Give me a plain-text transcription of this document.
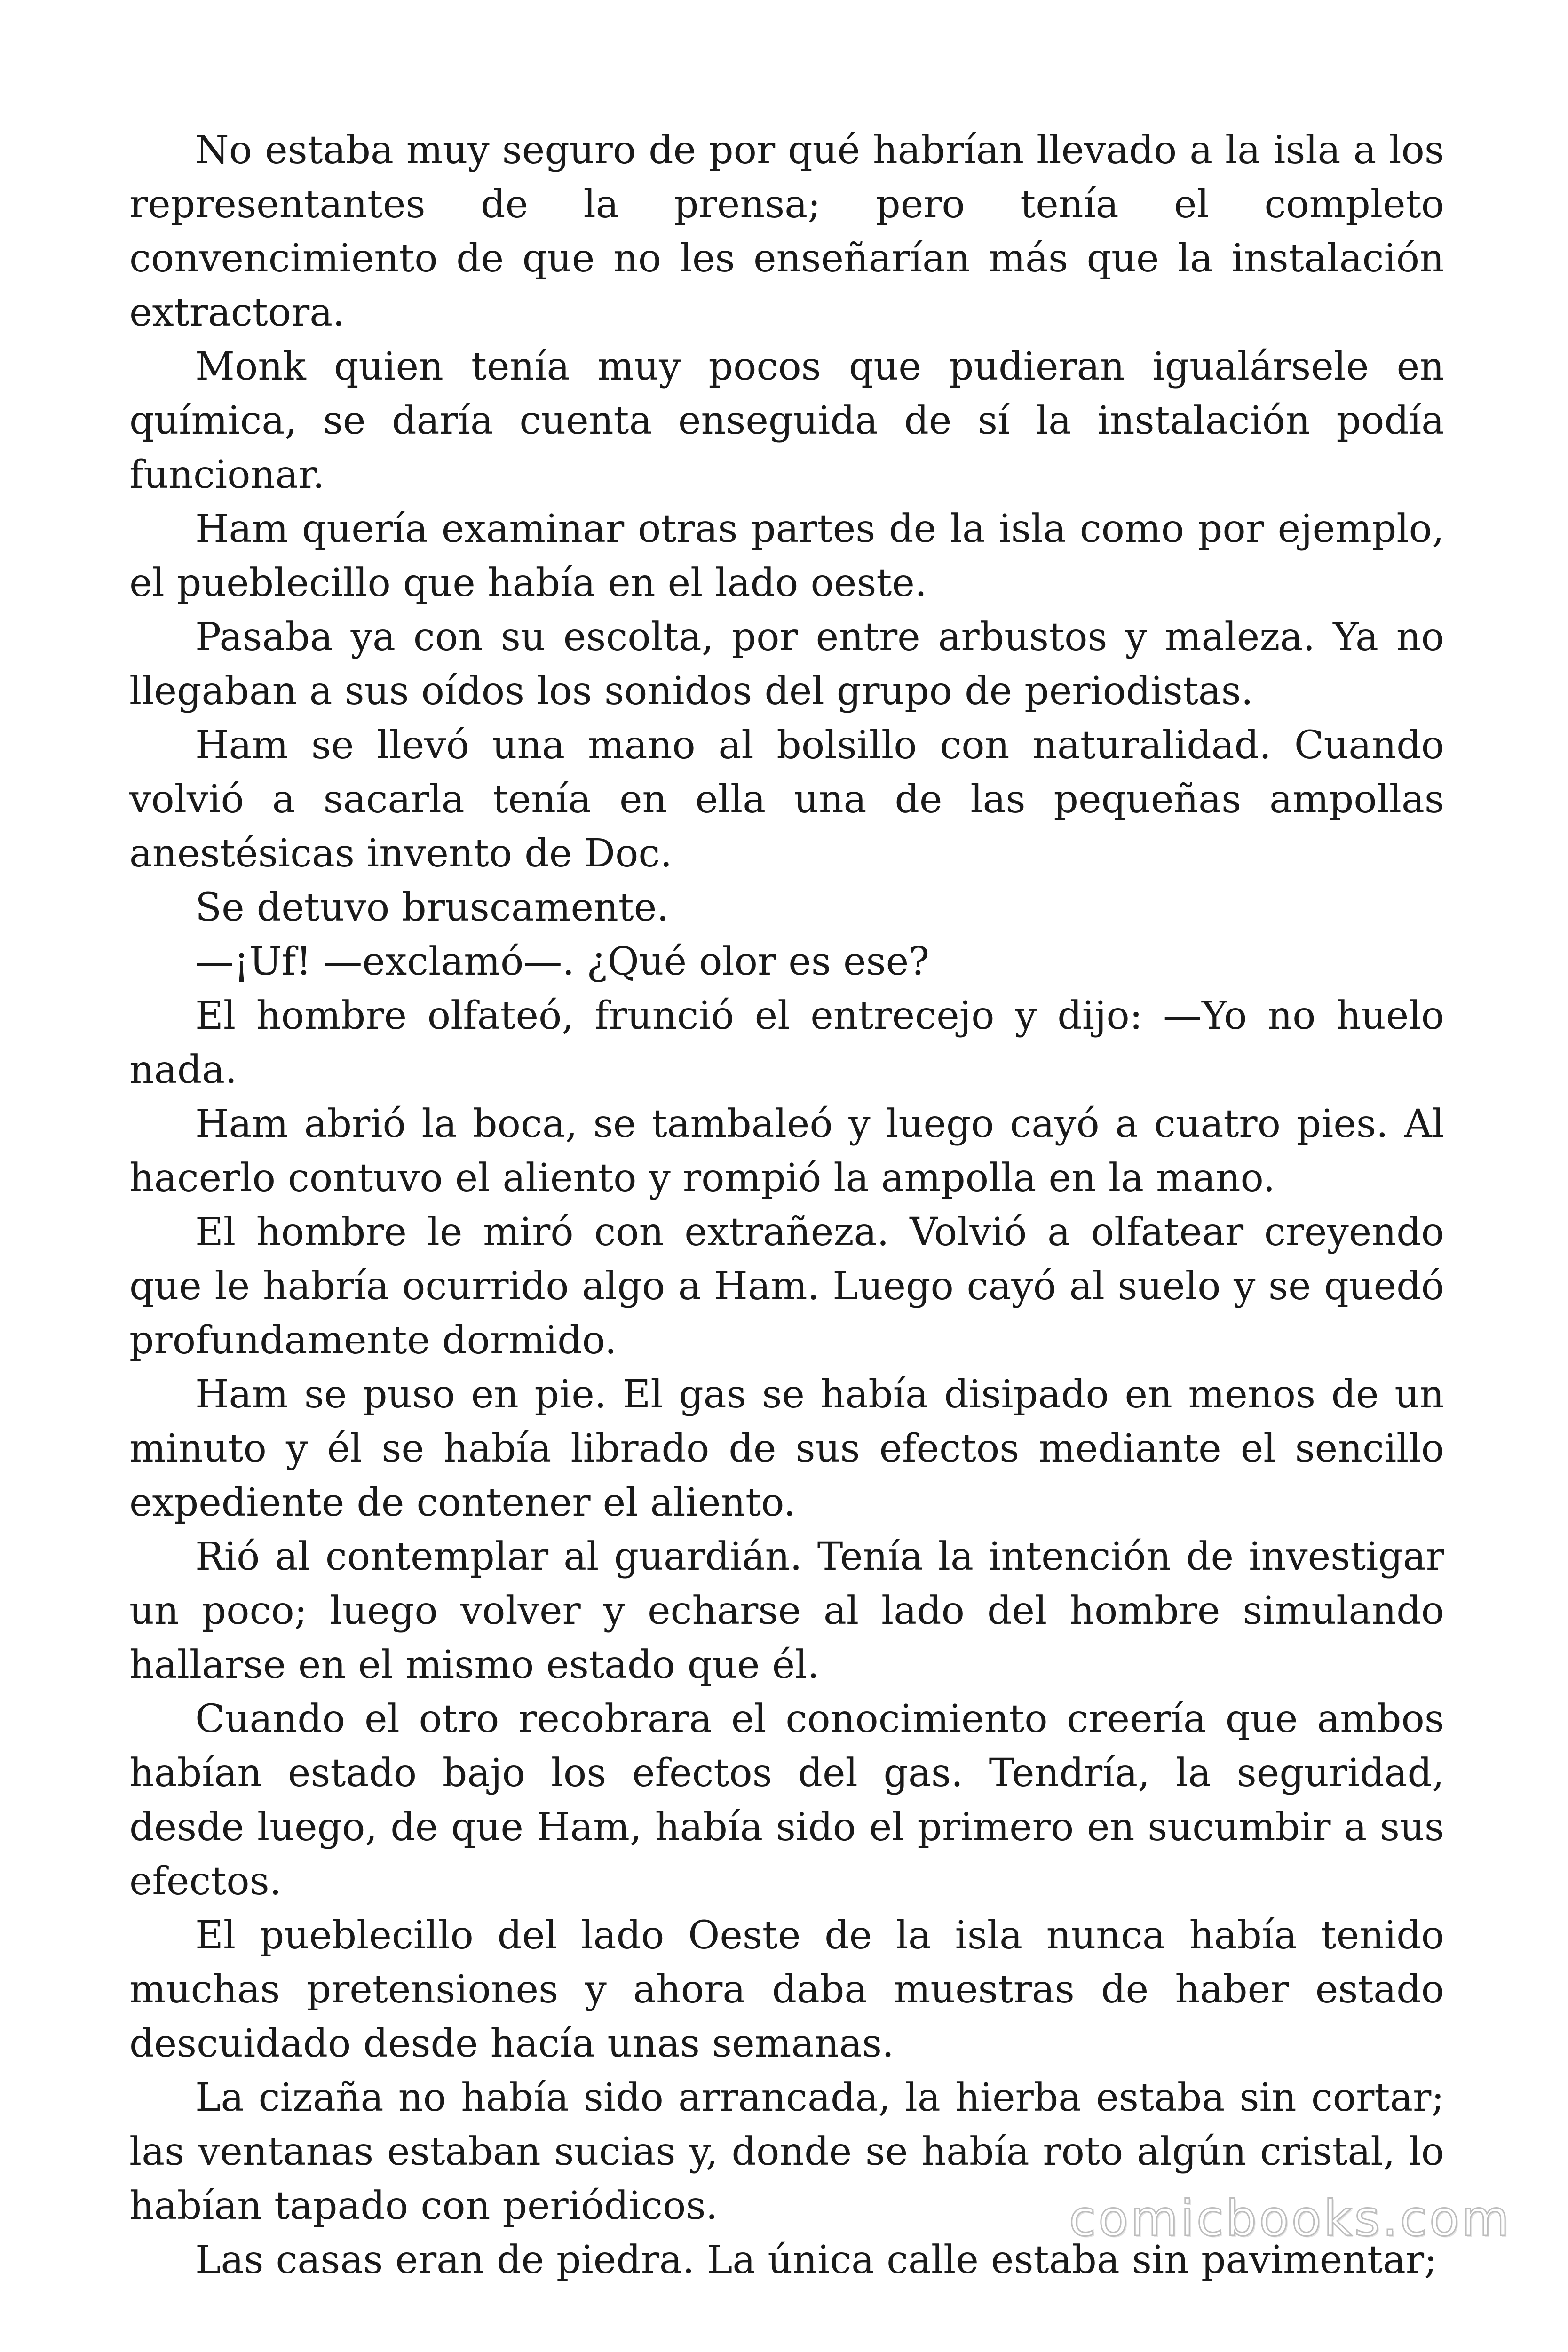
No estaba muy seguro de por qué habrían llevado a la isla a los representantes de la prensa; pero tenía el completo convencimiento de que no les enseñarían más que la instalación extractora.

Monk quien tenía muy pocos que pudieran igualársele en química, se daría cuenta enseguida de sí la instalación podía funcionar.

Ham quería examinar otras partes de la isla como por ejemplo, el pueblecillo que había en el lado oeste.

Pasaba ya con su escolta, por entre arbustos y maleza. Ya no llegaban a sus oídos los sonidos del grupo de periodistas.

Ham se llevó una mano al bolsillo con naturalidad. Cuando volvió a sacarla tenía en ella una de las pequeñas ampollas anestésicas invento de Doc.

Se detuvo bruscamente.

—¡Uf! —exclamó—. ¿Qué olor es ese?

El hombre olfateó, frunció el entrecejo y dijo: —Yo no huelo nada.

Ham abrió la boca, se tambaleó y luego cayó a cuatro pies. Al hacerlo contuvo el aliento y rompió la ampolla en la mano.

El hombre le miró con extrañeza. Volvió a olfatear creyendo que le habría ocurrido algo a Ham. Luego cayó al suelo y se quedó profundamente dormido.

Ham se puso en pie. El gas se había disipado en menos de un minuto y él se había librado de sus efectos mediante el sencillo expediente de contener el aliento.

Rió al contemplar al guardián. Tenía la intención de investigar un poco; luego volver y echarse al lado del hombre simulando hallarse en el mismo estado que él.

Cuando el otro recobrara el conocimiento creería que ambos habían estado bajo los efectos del gas. Tendría, la seguridad, desde luego, de que Ham, había sido el primero en sucumbir a sus efectos.

El pueblecillo del lado Oeste de la isla nunca había tenido muchas pretensiones y ahora daba muestras de haber estado descuidado desde hacía unas semanas.

La cizaña no había sido arrancada, la hierba estaba sin cortar; las ventanas estaban sucias y, donde se había roto algún cristal, lo habían tapado con periódicos.

Las casas eran de piedra. La única calle estaba sin pavimentar;

comicbooks.com
